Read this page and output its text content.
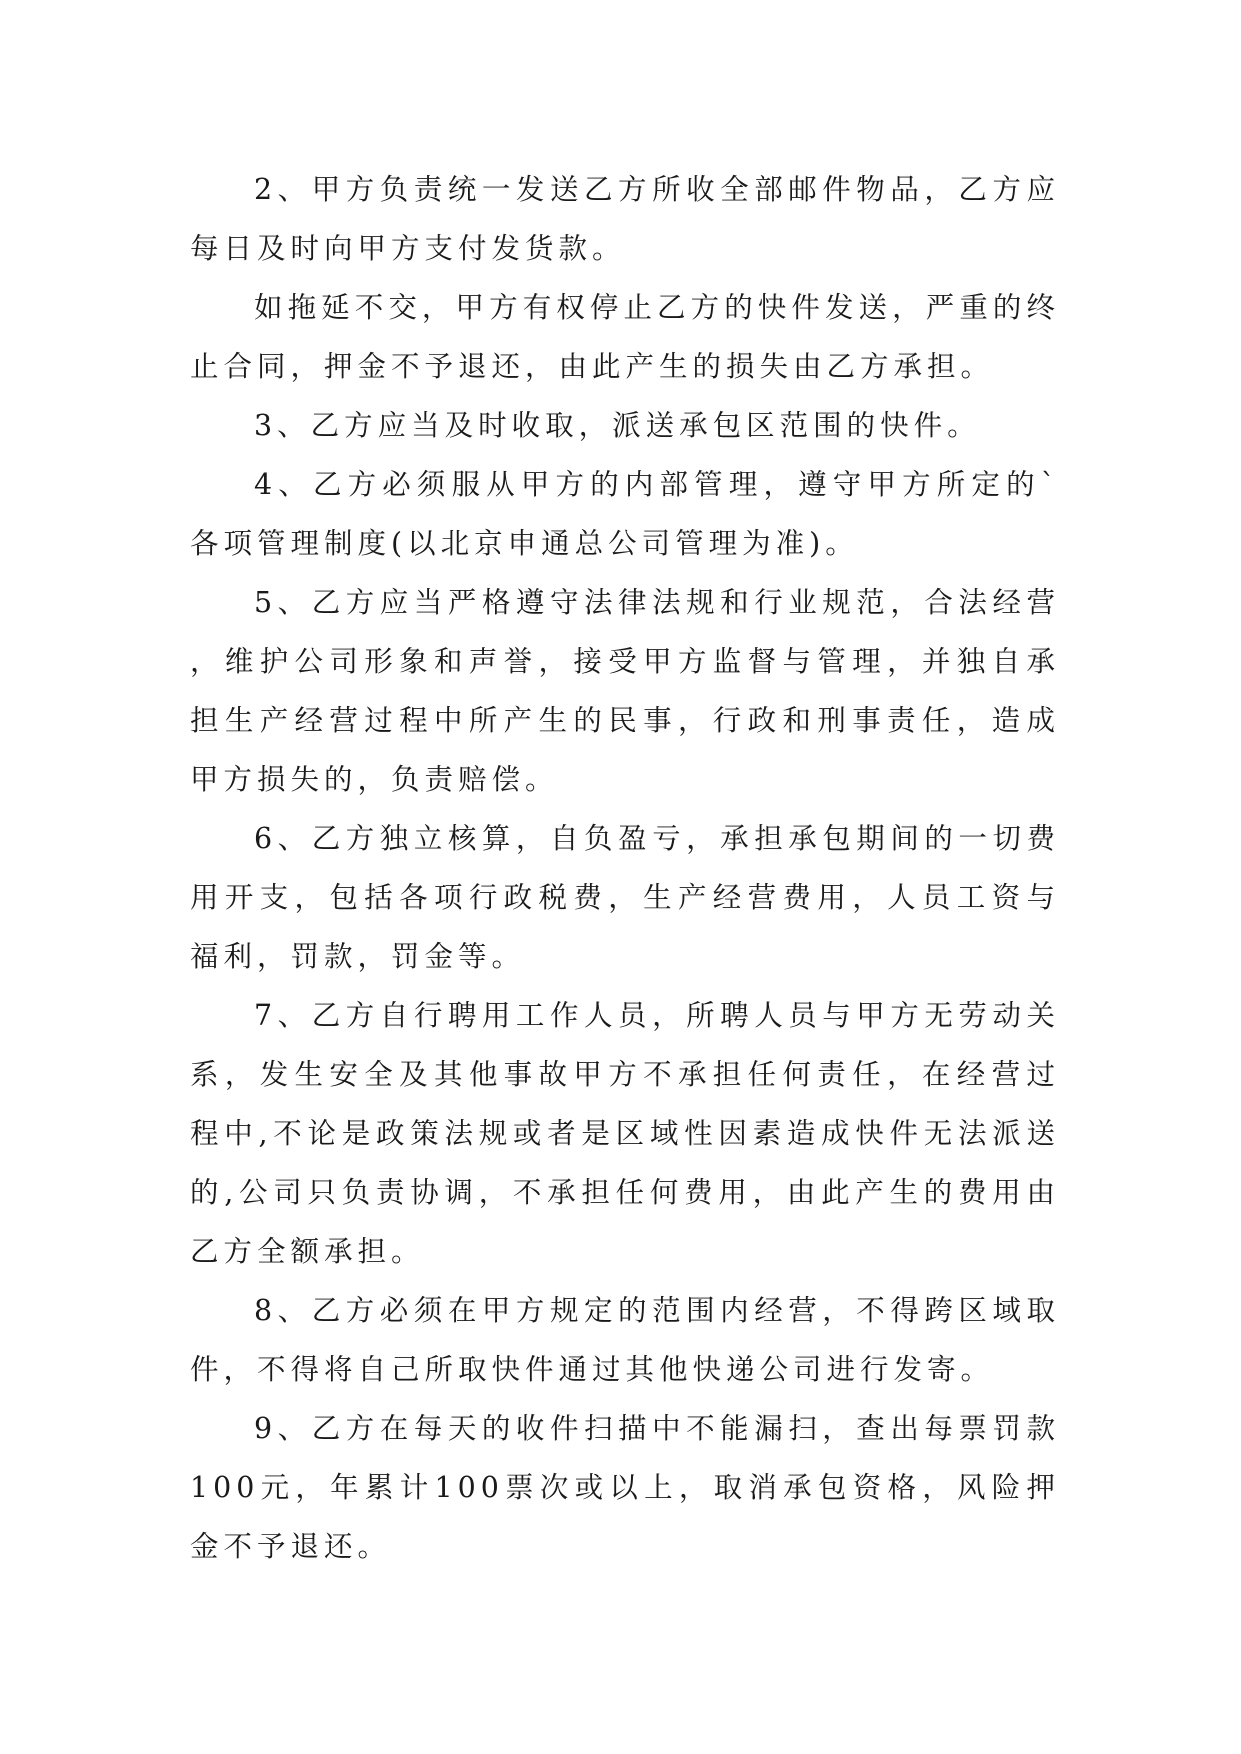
2、甲方负责统一发送乙方所收全部邮件物品，乙方应每日及时向甲方支付发货款。

如拖延不交，甲方有权停止乙方的快件发送，严重的终止合同，押金不予退还，由此产生的损失由乙方承担。

3、乙方应当及时收取，派送承包区范围的快件。

4、乙方必须服从甲方的内部管理，遵守甲方所定的`各项管理制度(以北京申通总公司管理为准)。

5、乙方应当严格遵守法律法规和行业规范，合法经营，维护公司形象和声誉，接受甲方监督与管理，并独自承担生产经营过程中所产生的民事，行政和刑事责任，造成甲方损失的，负责赔偿。

6、乙方独立核算，自负盈亏，承担承包期间的一切费用开支，包括各项行政税费，生产经营费用，人员工资与福利，罚款，罚金等。

7、乙方自行聘用工作人员，所聘人员与甲方无劳动关系，发生安全及其他事故甲方不承担任何责任，在经营过程中,不论是政策法规或者是区域性因素造成快件无法派送的,公司只负责协调，不承担任何费用，由此产生的费用由乙方全额承担。

8、乙方必须在甲方规定的范围内经营，不得跨区域取件，不得将自己所取快件通过其他快递公司进行发寄。

9、乙方在每天的收件扫描中不能漏扫，查出每票罚款100元，年累计100票次或以上，取消承包资格，风险押金不予退还。
